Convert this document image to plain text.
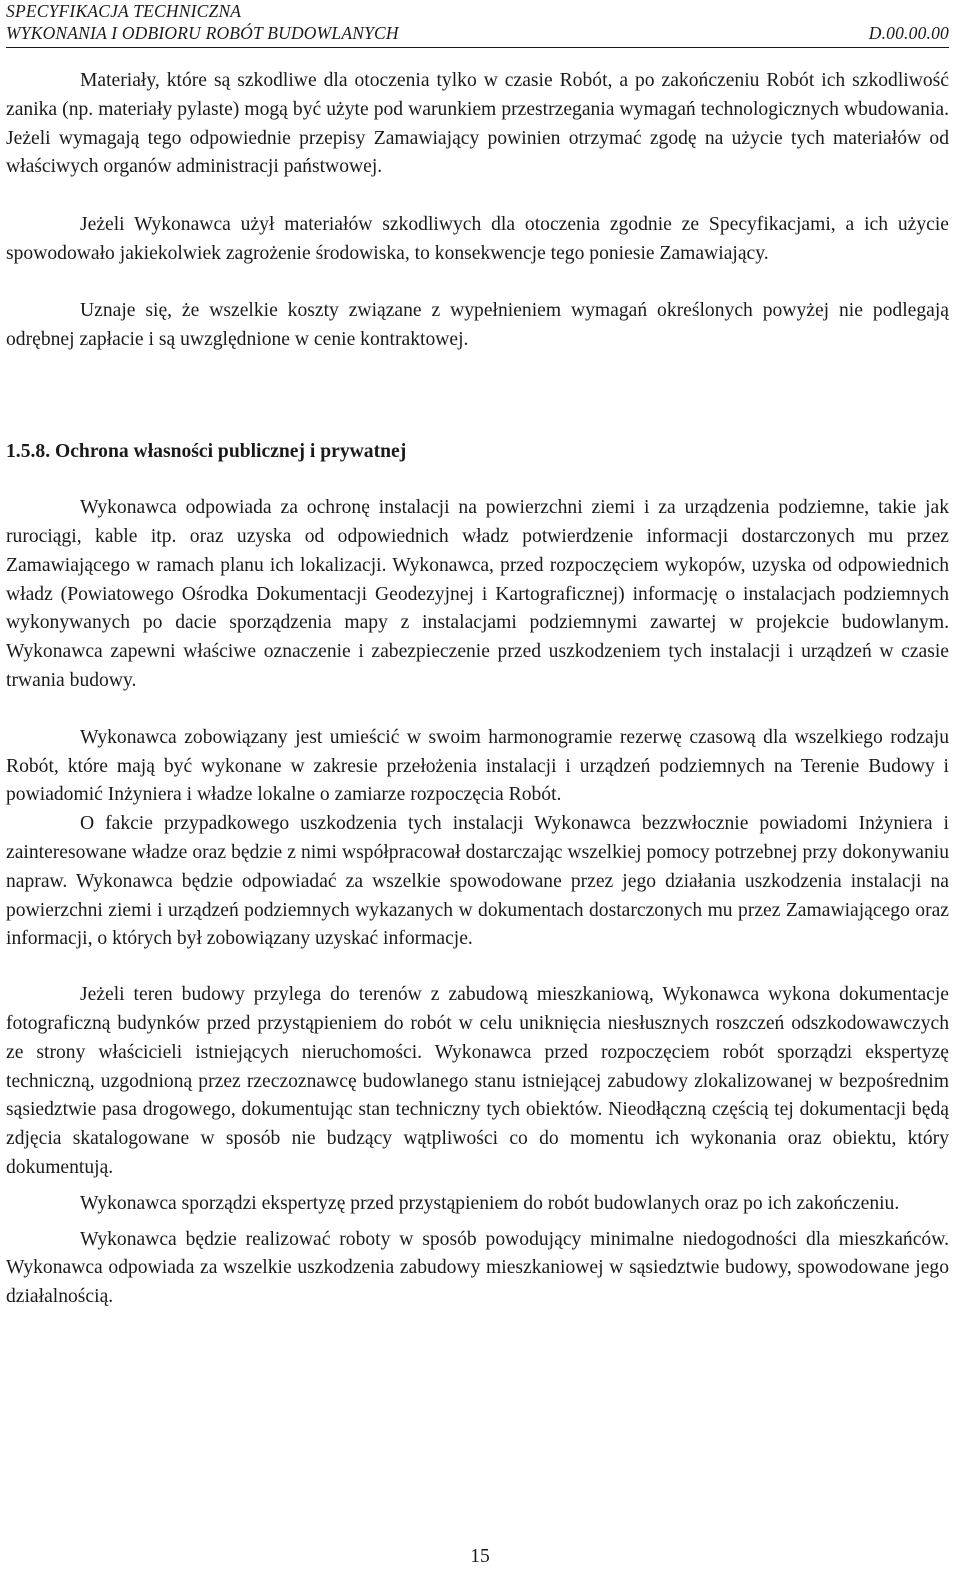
SPECYFIKACJA TECHNICZNA
WYKONANIA I ODBIORU ROBÓT BUDOWLANYCH	D.00.00.00

Materiały, które są szkodliwe dla otoczenia tylko w czasie Robót, a po zakończeniu Robót ich szkodliwość zanika (np. materiały pylaste) mogą być użyte pod warunkiem przestrzegania wymagań technologicznych wbudowania. Jeżeli wymagają tego odpowiednie przepisy Zamawiający powinien otrzymać zgodę na użycie tych materiałów od właściwych organów administracji państwowej.

Jeżeli Wykonawca użył materiałów szkodliwych dla otoczenia zgodnie ze Specyfikacjami, a ich użycie spowodowało jakiekolwiek zagrożenie środowiska, to konsekwencje tego poniesie Zamawiający.

Uznaje się, że wszelkie koszty związane z wypełnieniem wymagań określonych powyżej nie podlegają odrębnej zapłacie i są uwzględnione w cenie kontraktowej.

1.5.8. Ochrona własności publicznej i prywatnej

Wykonawca odpowiada za ochronę instalacji na powierzchni ziemi i za urządzenia podziemne, takie jak rurociągi, kable itp. oraz uzyska od odpowiednich władz potwierdzenie informacji dostarczonych mu przez Zamawiającego w ramach planu ich lokalizacji. Wykonawca, przed rozpoczęciem wykopów, uzyska od odpowiednich władz (Powiatowego Ośrodka Dokumentacji Geodezyjnej i Kartograficznej) informację o instalacjach podziemnych wykonywanych po dacie sporządzenia mapy z instalacjami podziemnymi zawartej w projekcie budowlanym. Wykonawca zapewni właściwe oznaczenie i zabezpieczenie przed uszkodzeniem tych instalacji i urządzeń w czasie trwania budowy.

Wykonawca zobowiązany jest umieścić w swoim harmonogramie rezerwę czasową dla wszelkiego rodzaju Robót, które mają być wykonane w zakresie przełożenia instalacji i urządzeń podziemnych na Terenie Budowy i powiadomić Inżyniera i władze lokalne o zamiarze rozpoczęcia Robót.

O fakcie przypadkowego uszkodzenia tych instalacji Wykonawca bezzwłocznie powiadomi Inżyniera i zainteresowane władze oraz będzie z nimi współpracował dostarczając wszelkiej pomocy potrzebnej przy dokonywaniu napraw. Wykonawca będzie odpowiadać za wszelkie spowodowane przez jego działania uszkodzenia instalacji na powierzchni ziemi i urządzeń podziemnych wykazanych w dokumentach dostarczonych mu przez Zamawiającego oraz informacji, o których był zobowiązany uzyskać informacje.

Jeżeli teren budowy przylega do terenów z zabudową mieszkaniową, Wykonawca wykona dokumentacje fotograficzną budynków przed przystąpieniem do robót w celu uniknięcia niesłusznych roszczeń odszkodowawczych ze strony właścicieli istniejących nieruchomości. Wykonawca przed rozpoczęciem robót sporządzi ekspertyzę techniczną, uzgodnioną przez rzeczoznawcę budowlanego stanu istniejącej zabudowy zlokalizowanej w bezpośrednim sąsiedztwie pasa drogowego, dokumentując stan techniczny tych obiektów. Nieodłączną częścią tej dokumentacji będą zdjęcia skatalogowane w sposób nie budzący wątpliwości co do momentu ich wykonania oraz obiektu, który dokumentują.

Wykonawca sporządzi ekspertyzę przed przystąpieniem do robót budowlanych oraz po ich zakończeniu.

Wykonawca będzie realizować roboty w sposób powodujący minimalne niedogodności dla mieszkańców. Wykonawca odpowiada za wszelkie uszkodzenia zabudowy mieszkaniowej w sąsiedztwie budowy, spowodowane jego działalnością.

15
